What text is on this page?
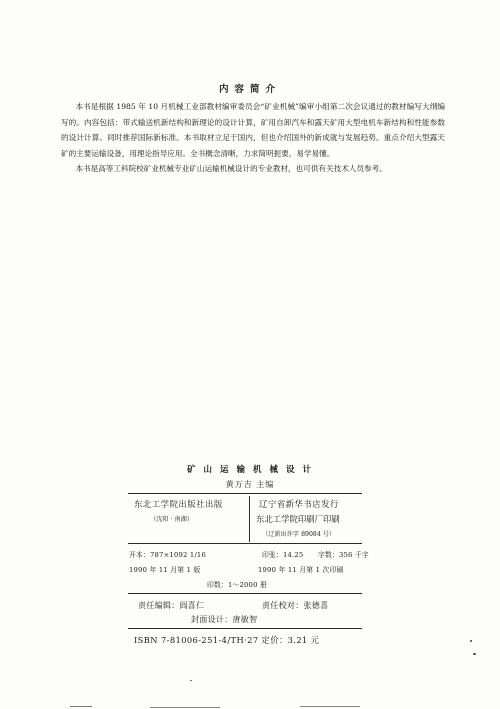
内容简介

本书是根据 1985 年 10 月机械工业部教材编审委员会“矿业机械”编审小组第二次会议通过的教材编写大纲编写的。内容包括：带式输送机新结构和新理论的设计计算，矿用自卸汽车和露天矿用大型电机车新结构和性能参数的设计计算。同时推荐国际新标准。本书取材立足于国内，但也介绍国外的新成就与发展趋势。重点介绍大型露天矿的主要运输设备，用理论指导应用。全书概念清晰，力求简明扼要，易学易懂。

本书是高等工科院校矿业机械专业矿山运输机械设计的专业教材，也可供有关技术人员参考。

矿山运输机械设计
黄万吉 主编
东北工学院出版社出版
（沈阳 · 南湖）
辽宁省新华书店发行
东北工学院印刷厂印刷
（辽新出许字 89084 号）
开本：787×1092 1/16	印张：14.25 字数：356 千字
1990 年 11 月第 1 版	1990 年 11 月第 1 次印刷
印数：1～2000 册
责任编辑：阎喜仁	责任校对：张德喜
封面设计：唐敏智
ISBN 7-81006-251-4/TH·27 定价：3.21 元
